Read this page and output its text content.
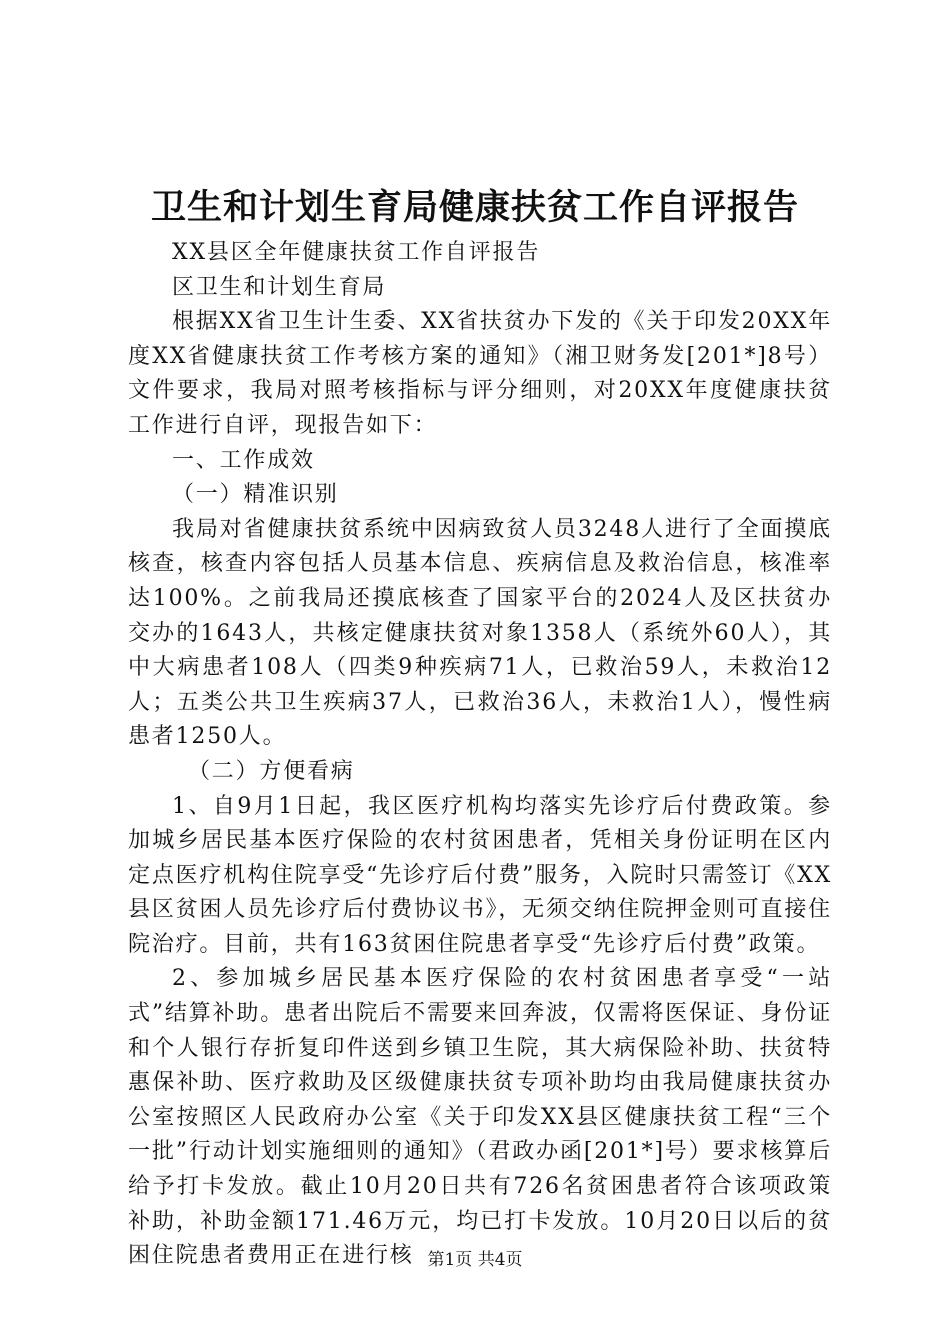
卫生和计划生育局健康扶贫工作自评报告

XX县区全年健康扶贫工作自评报告

区卫生和计划生育局

根据XX省卫生计生委、XX省扶贫办下发的《关于印发20XX年度XX省健康扶贫工作考核方案的通知》（湘卫财务发[201*]8号）文件要求，我局对照考核指标与评分细则，对20XX年度健康扶贫工作进行自评，现报告如下：

一、工作成效

（一）精准识别

我局对省健康扶贫系统中因病致贫人员3248人进行了全面摸底核查，核查内容包括人员基本信息、疾病信息及救治信息，核准率达100%。之前我局还摸底核查了国家平台的2024人及区扶贫办交办的1643人，共核定健康扶贫对象1358人（系统外60人），其中大病患者108人（四类9种疾病71人，已救治59人，未救治12人；五类公共卫生疾病37人，已救治36人，未救治1人），慢性病患者1250人。

（二）方便看病

1、自9月1日起，我区医疗机构均落实先诊疗后付费政策。参加城乡居民基本医疗保险的农村贫困患者，凭相关身份证明在区内定点医疗机构住院享受“先诊疗后付费”服务，入院时只需签订《XX县区贫困人员先诊疗后付费协议书》，无须交纳住院押金则可直接住院治疗。目前，共有163贫困住院患者享受“先诊疗后付费”政策。

2、参加城乡居民基本医疗保险的农村贫困患者享受“一站式”结算补助。患者出院后不需要来回奔波，仅需将医保证、身份证和个人银行存折复印件送到乡镇卫生院，其大病保险补助、扶贫特惠保补助、医疗救助及区级健康扶贫专项补助均由我局健康扶贫办公室按照区人民政府办公室《关于印发XX县区健康扶贫工程“三个一批”行动计划实施细则的通知》（君政办函[201*]号）要求核算后给予打卡发放。截止10月20日共有726名贫困患者符合该项政策补助，补助金额171.46万元，均已打卡发放。10月20日以后的贫困住院患者费用正在进行核 第1页 共4页
